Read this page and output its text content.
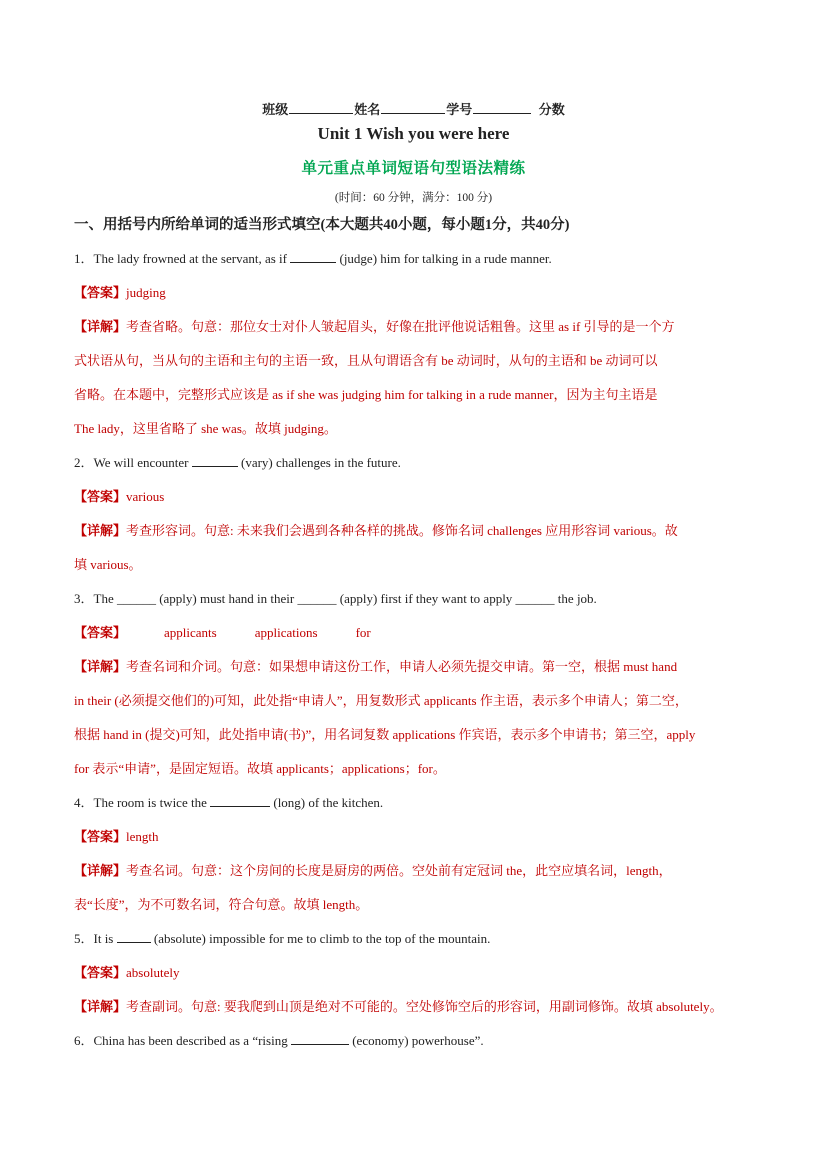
班级	姓名	学号	分数
Unit 1 Wish you were here
单元重点单词短语句型语法精练
(时间：60 分钟，满分：100 分)
一、用括号内所给单词的适当形式填空(本大题共40小题，每小题1分，共40分)
1．The lady frowned at the servant, as if	(judge) him for talking in a rude manner.
【答案】judging
【详解】考查省略。句意：那位女士对仆人皱起眉头，好像在批评他说话粗鲁。这里 as if 引导的是一个方
式状语从句，当从句的主语和主句的主语一致，且从句谓语含有 be 动词时，从句的主语和 be 动词可以
省略。在本题中，完整形式应该是 as if she was judging him for talking in a rude manner，因为主句主语是
The lady，这里省略了 she was。故填 judging。
2．We will encounter	(vary) challenges in the future.
【答案】various
【详解】考查形容词。句意: 未来我们会遇到各种各样的挑战。修饰名词 challenges 应用形容词 various。故
填 various。
3．The ______ (apply) must hand in their ______ (apply) first if they want to apply ______ the job.
【答案】	applicants	applications	for
【详解】考查名词和介词。句意：如果想申请这份工作，申请人必须先提交申请。第一空，根据 must hand
in their (必须提交他们的)可知，此处指“申请人”，用复数形式 applicants 作主语，表示多个申请人；第二空，
根据 hand in (提交)可知，此处指申请(书)”，用名词复数 applications 作宾语，表示多个申请书；第三空，apply
for 表示“申请”，是固定短语。故填 applicants；applications；for。
4．The room is twice the	(long) of the kitchen.
【答案】length
【详解】考查名词。句意：这个房间的长度是厨房的两倍。空处前有定冠词 the，此空应填名词，length，
表“长度”，为不可数名词，符合句意。故填 length。
5．It is	(absolute) impossible for me to climb to the top of the mountain.
【答案】absolutely
【详解】考查副词。句意: 要我爬到山顶是绝对不可能的。空处修饰空后的形容词，用副词修饰。故填 absolutely。
6．China has been described as a “rising	(economy) powerhouse”.
